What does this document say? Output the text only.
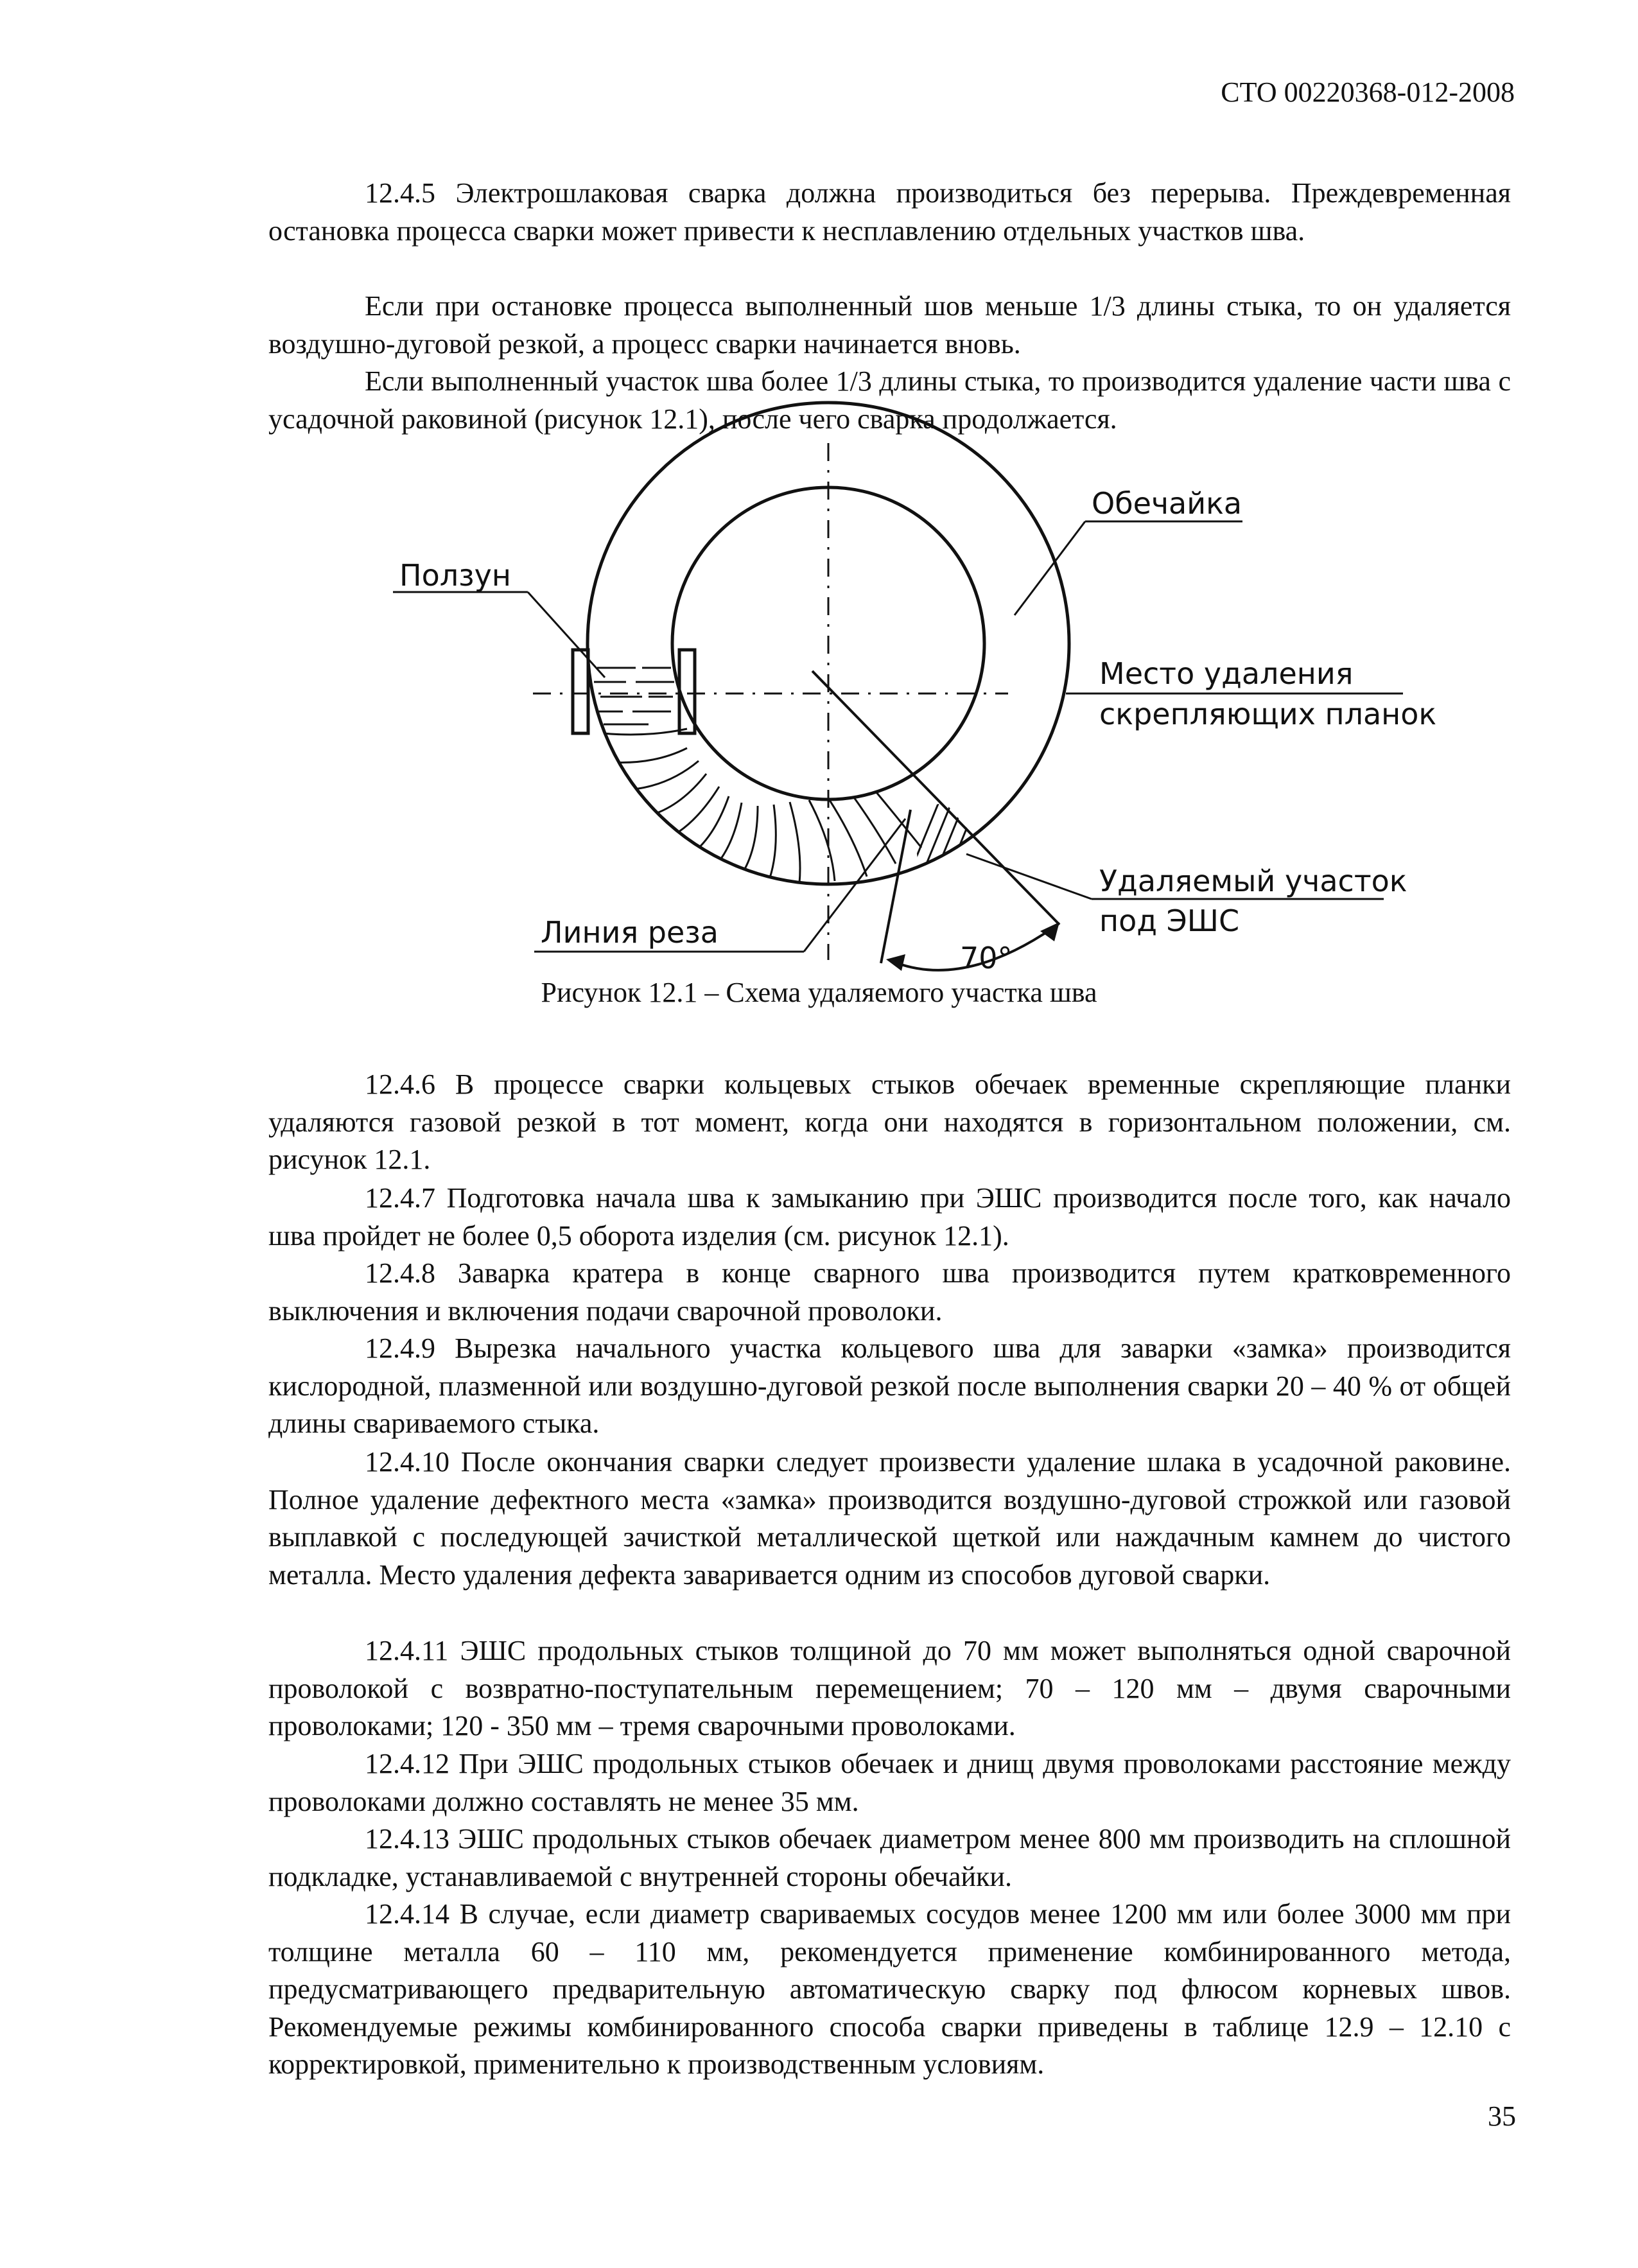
СТО 00220368-012-2008

12.4.5 Электрошлаковая сварка должна производиться без перерыва. Преждевременная остановка процесса сварки может привести к несплавлению отдельных участков шва.

Если при остановке процесса выполненный шов меньше 1/3 длины стыка, то он удаляется воздушно-дуговой резкой, а процесс сварки начинается вновь.

Если выполненный участок шва более 1/3 длины стыка, то производится удаление части шва с усадочной раковиной (рисунок 12.1), после чего сварка продолжается.

70°
Обечайка
Ползун
Место удаления
скрепляющих планок
Удаляемый участок
под ЭШС
Линия реза
Рисунок 12.1 – Схема удаляемого участка шва

12.4.6 В процессе сварки кольцевых стыков обечаек временные скрепляющие планки удаляются газовой резкой в тот момент, когда они находятся в горизонтальном положении, см. рисунок 12.1.

12.4.7 Подготовка начала шва к замыканию при ЭШС производится после того, как начало шва пройдет не более 0,5 оборота изделия (см. рисунок 12.1).

12.4.8 Заварка кратера в конце сварного шва производится путем кратковременного выключения и включения подачи сварочной проволоки.

12.4.9 Вырезка начального участка кольцевого шва для заварки «замка» производится кислородной, плазменной или воздушно-дуговой резкой после выполнения сварки 20 – 40 % от общей длины свариваемого стыка.

12.4.10 После окончания сварки следует произвести удаление шлака в усадочной раковине. Полное удаление дефектного места «замка» производится воздушно-дуговой строжкой или газовой выплавкой с последующей зачисткой металлической щеткой или наждачным камнем до чистого металла. Место удаления дефекта заваривается одним из способов дуговой сварки.

12.4.11 ЭШС продольных стыков толщиной до 70 мм может выполняться одной сварочной проволокой с возвратно-поступательным перемещением; 70 – 120 мм – двумя сварочными проволоками; 120 - 350 мм – тремя сварочными проволоками.

12.4.12 При ЭШС продольных стыков обечаек и днищ двумя проволоками расстояние между проволоками должно составлять не менее 35 мм.

12.4.13 ЭШС продольных стыков обечаек диаметром менее 800 мм производить на сплошной подкладке, устанавливаемой с внутренней стороны обечайки.

12.4.14 В случае, если диаметр свариваемых сосудов менее 1200 мм или более 3000 мм при толщине металла 60 – 110 мм, рекомендуется применение комбинированного метода, предусматривающего предварительную автоматическую сварку под флюсом корневых швов. Рекомендуемые режимы комбинированного способа сварки приведены в таблице 12.9 – 12.10 с корректировкой, применительно к производственным условиям.

35
